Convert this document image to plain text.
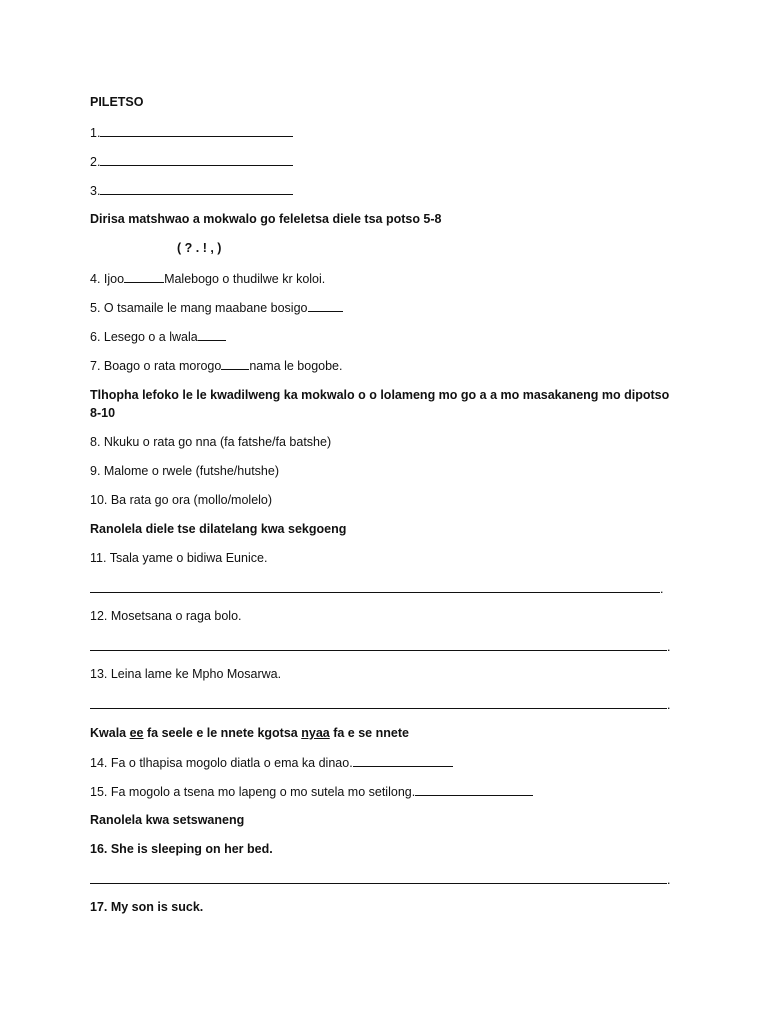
PILETSO
1.
2.
3.
Dirisa matshwao a mokwalo go feleletsa diele tsa potso 5-8
( ? . ! , )
4. Ijoo	Malebogo o thudilwe kr koloi.
5. O tsamaile le mang maabane bosigo
6. Lesego o a lwala
7. Boago o rata morogo nama le bogobe.
Tlhopha lefoko le le kwadilweng ka mokwalo o o lolameng mo go a a mo masakaneng mo dipotso 8-10
8. Nkuku o rata go nna (fa fatshe/fa batshe)
9. Malome o rwele (futshe/hutshe)
10. Ba rata go ora (mollo/molelo)
Ranolela diele tse dilatelang kwa sekgoeng
11. Tsala yame o bidiwa Eunice.
.
12. Mosetsana o raga bolo.
.
13. Leina lame ke Mpho Mosarwa.
.
Kwala ee fa seele e le nnete kgotsa nyaa fa e se nnete
14. Fa o tlhapisa mogolo diatla o ema ka dinao.
15. Fa mogolo a tsena mo lapeng o mo sutela mo setilong.
Ranolela kwa setswaneng
16. She is sleeping on her bed.
.
17. My son is suck.
